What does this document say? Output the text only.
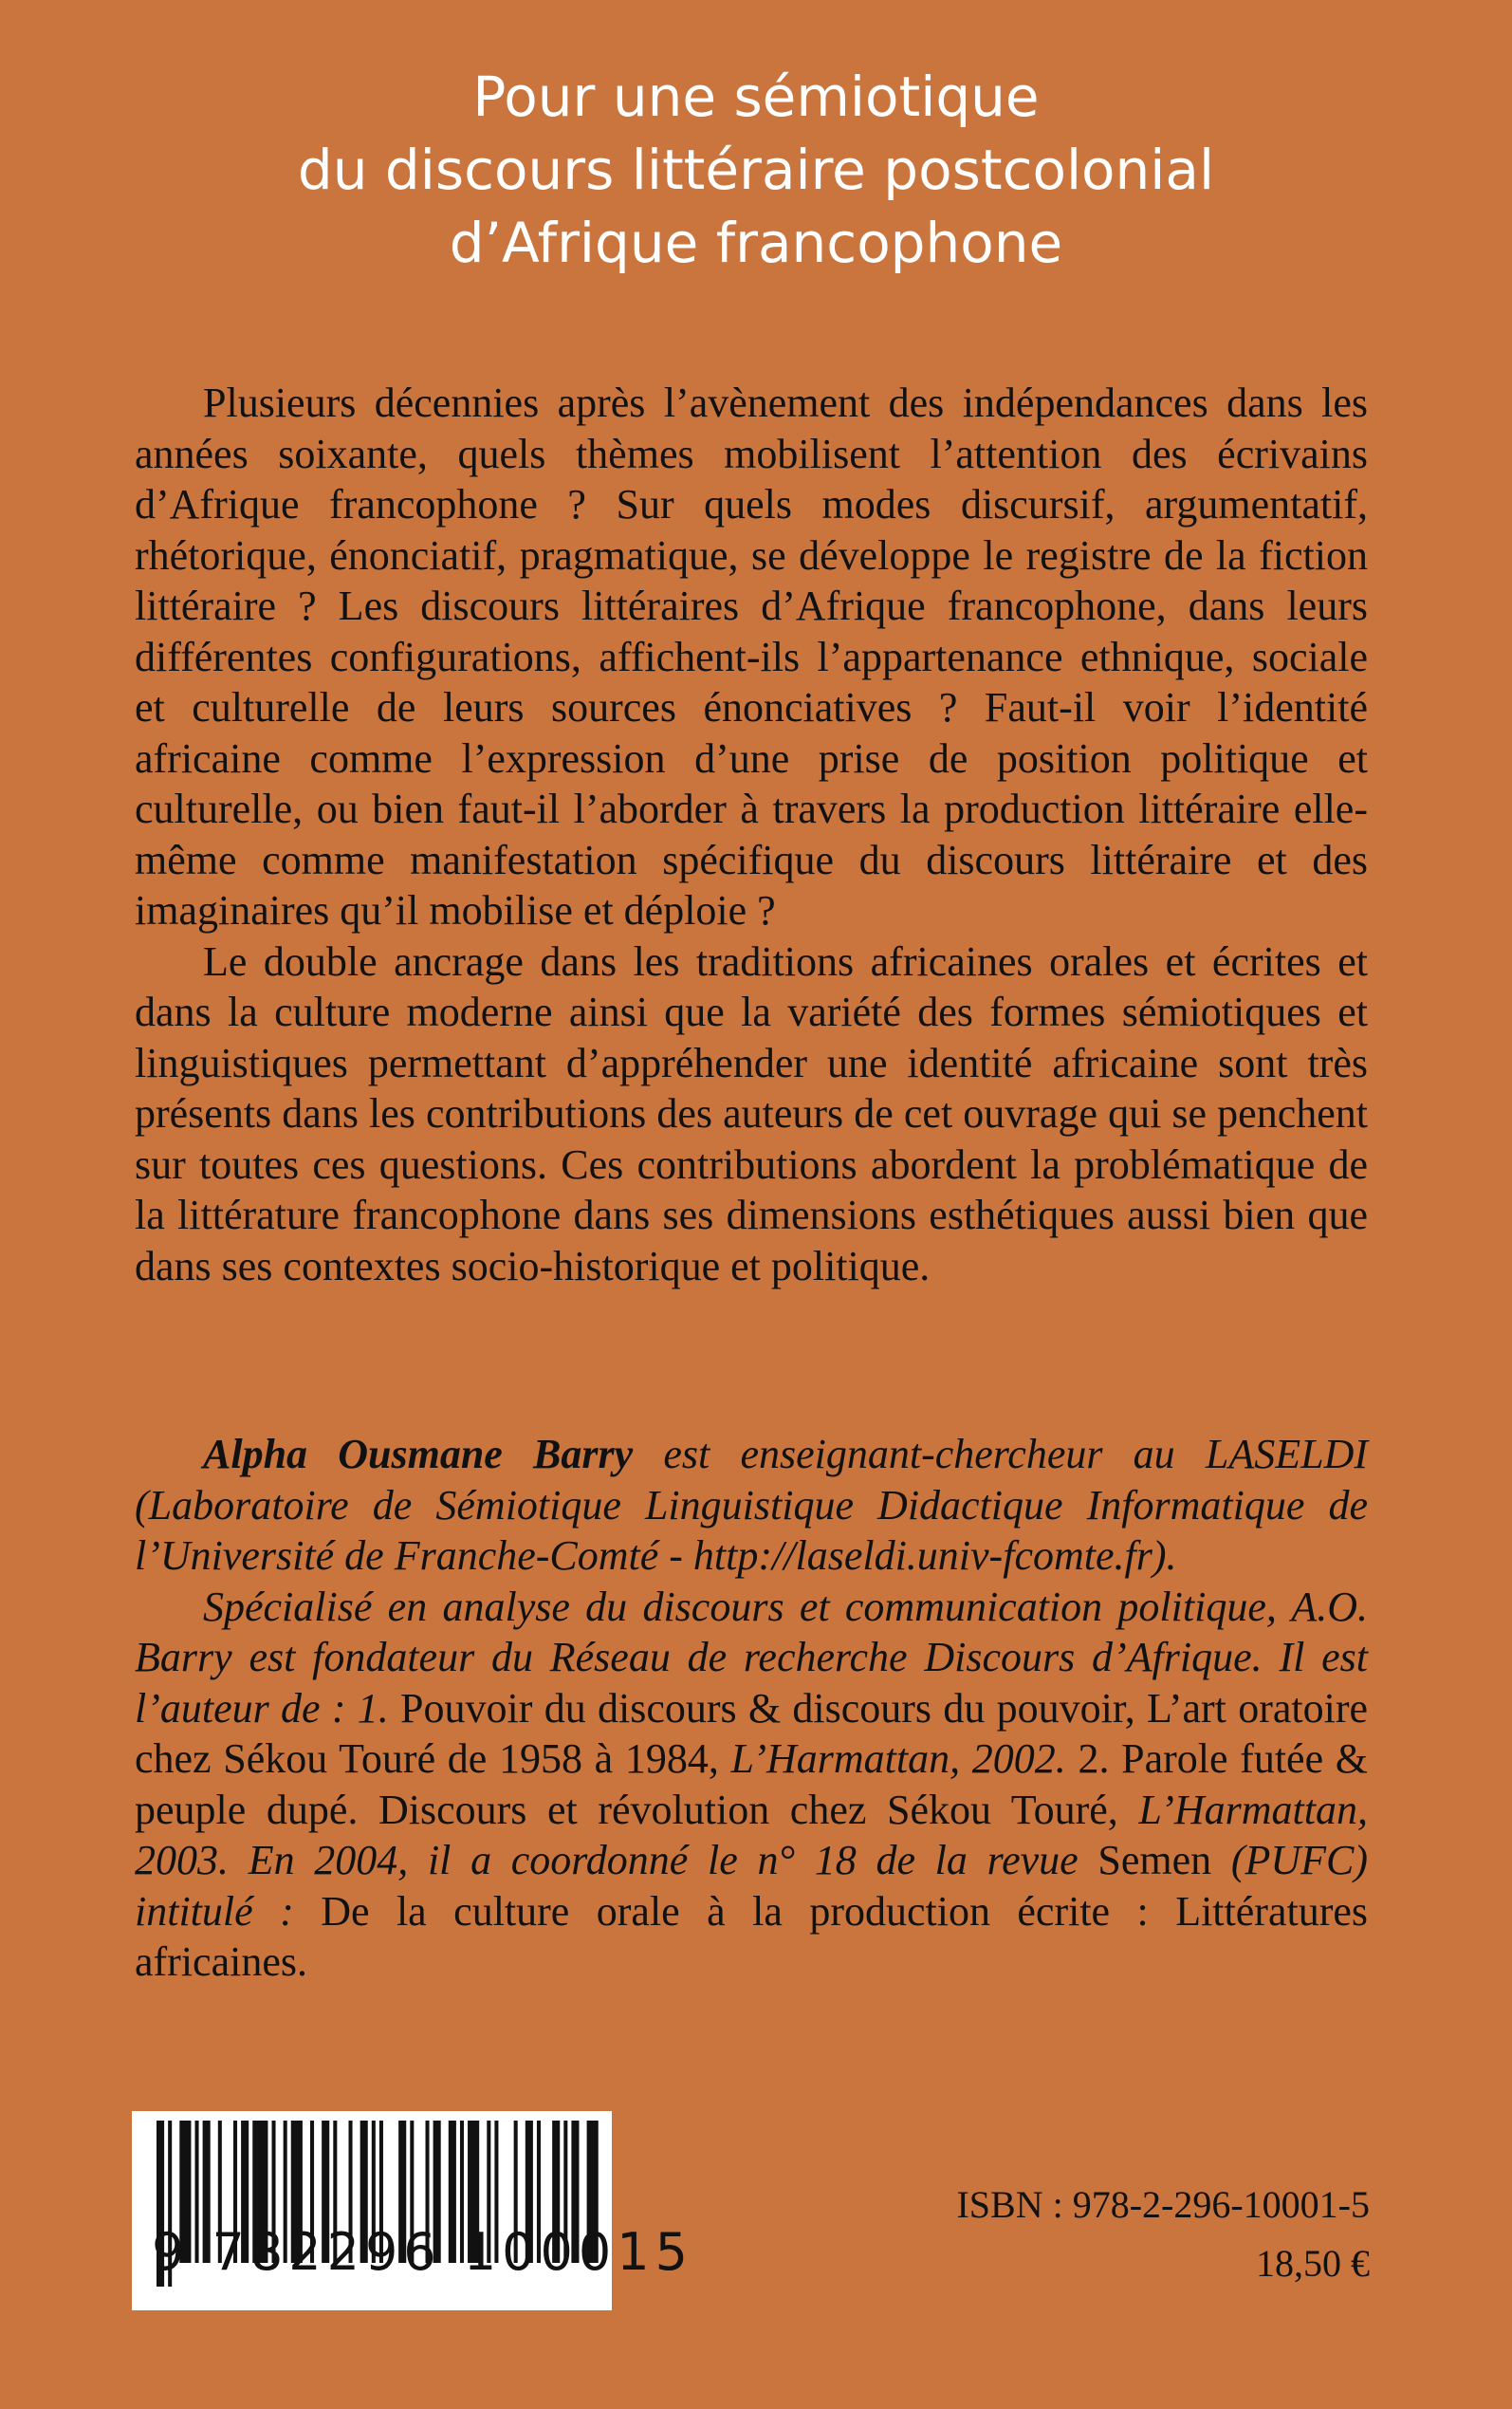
Pour une sémiotique
du discours littéraire postcolonial
d’Afrique francophone

Plusieurs décennies après l’avènement des indépendances dans les années soixante, quels thèmes mobilisent l’attention des écrivains d’Afrique francophone ? Sur quels modes discursif, argumentatif, rhétorique, énonciatif, pragmatique, se développe le registre de la fiction littéraire ? Les discours littéraires d’Afrique francophone, dans leurs différentes configurations, affichent-ils l’appartenance ethnique, sociale et culturelle de leurs sources énonciatives ? Faut-il voir l’identité africaine comme l’expression d’une prise de position politique et culturelle, ou bien faut-il l’aborder à travers la production littéraire elle-même comme manifestation spécifique du discours littéraire et des imaginaires qu’il mobilise et déploie ?

Le double ancrage dans les traditions africaines orales et écrites et dans la culture moderne ainsi que la variété des formes sémiotiques et linguistiques permettant d’appréhender une identité africaine sont très présents dans les contributions des auteurs de cet ouvrage qui se penchent sur toutes ces questions. Ces contributions abordent la problématique de la littérature francophone dans ses dimensions esthétiques aussi bien que dans ses contextes socio-historique et politique.

Alpha Ousmane Barry est enseignant-chercheur au LASELDI (Laboratoire de Sémiotique Linguistique Didactique Informatique de l’Université de Franche-Comté - http://laseldi.univ-fcomte.fr).

Spécialisé en analyse du discours et communication politique, A.O. Barry est fondateur du Réseau de recherche Discours d’Afrique. Il est l’auteur de : 1. Pouvoir du discours & discours du pouvoir, L’art oratoire chez Sékou Touré de 1958 à 1984, L’Harmattan, 2002. 2. Parole futée & peuple dupé. Discours et révolution chez Sékou Touré, L’Harmattan, 2003. En 2004, il a coordonné le n° 18 de la revue Semen (PUFC) intitulé : De la culture orale à la production écrite : Littératures africaines.

9 782296 100015
ISBN : 978-2-296-10001-5
18,50 €
